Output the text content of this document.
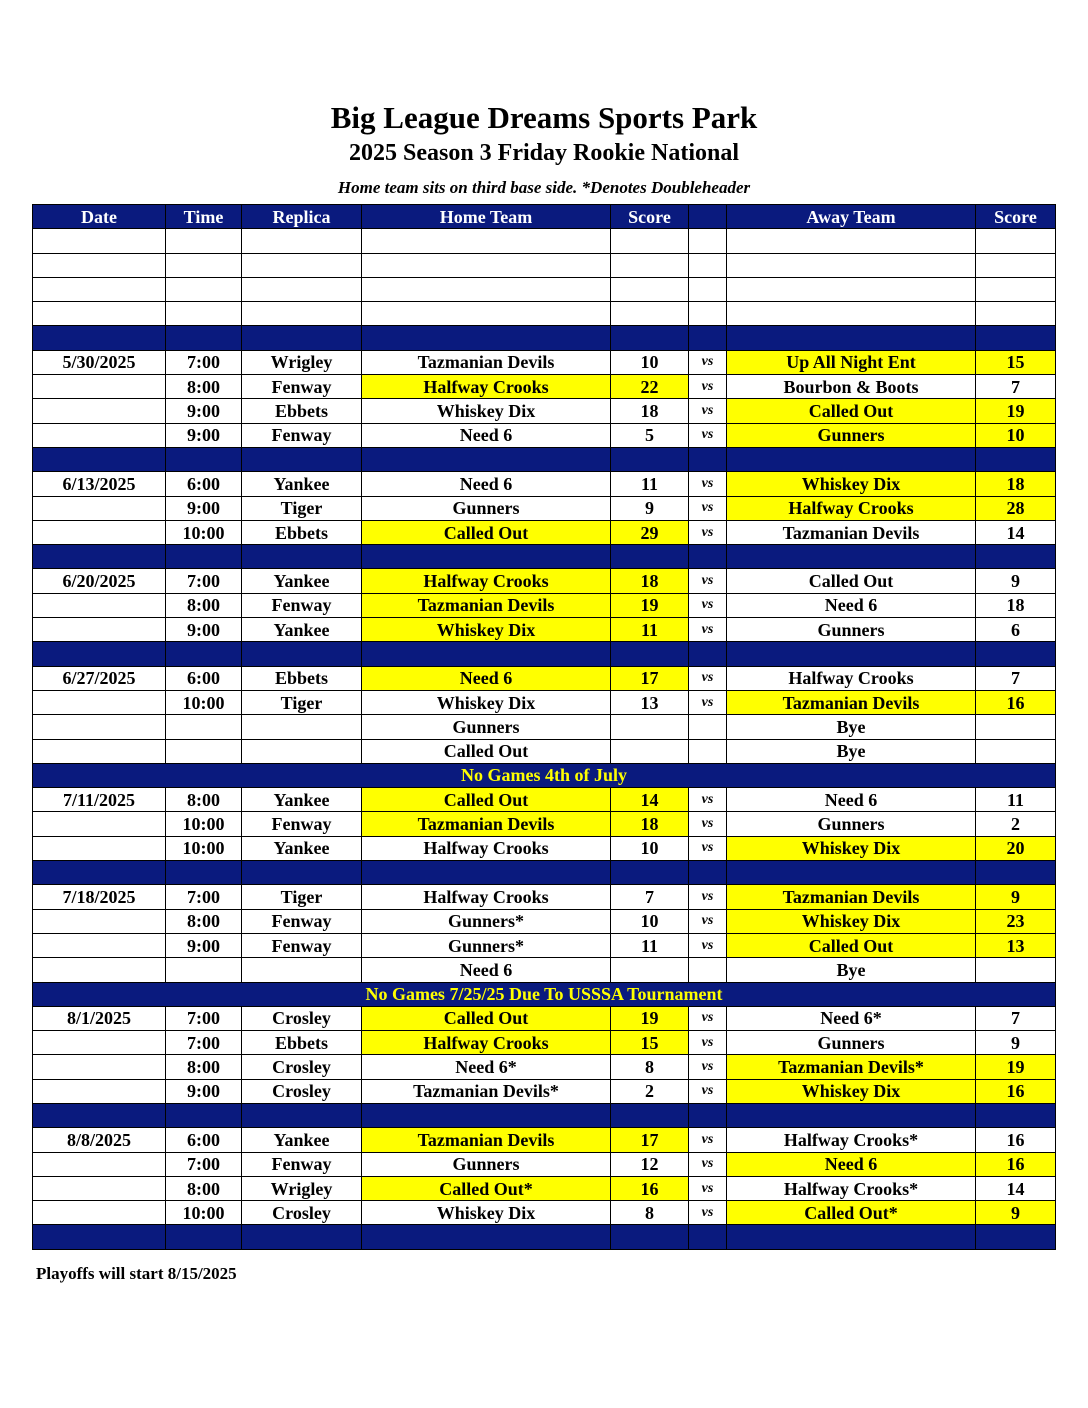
Big League Dreams Sports Park
2025 Season 3 Friday Rookie National
Home team sits on third base side. *Denotes Doubleheader
Date	Time	Replica	Home Team	Score		Away Team	Score

5/30/2025	7:00	Wrigley	Tazmanian Devils	10	vs	Up All Night Ent	15
	8:00	Fenway	Halfway Crooks	22	vs	Bourbon & Boots	7
	9:00	Ebbets	Whiskey Dix	18	vs	Called Out	19
	9:00	Fenway	Need 6	5	vs	Gunners	10

6/13/2025	6:00	Yankee	Need 6	11	vs	Whiskey Dix	18
	9:00	Tiger	Gunners	9	vs	Halfway Crooks	28
	10:00	Ebbets	Called Out	29	vs	Tazmanian Devils	14

6/20/2025	7:00	Yankee	Halfway Crooks	18	vs	Called Out	9
	8:00	Fenway	Tazmanian Devils	19	vs	Need 6	18
	9:00	Yankee	Whiskey Dix	11	vs	Gunners	6

6/27/2025	6:00	Ebbets	Need 6	17	vs	Halfway Crooks	7
	10:00	Tiger	Whiskey Dix	13	vs	Tazmanian Devils	16
			Gunners			Bye	
			Called Out			Bye	
No Games 4th of July							
7/11/2025	8:00	Yankee	Called Out	14	vs	Need 6	11
	10:00	Fenway	Tazmanian Devils	18	vs	Gunners	2
	10:00	Yankee	Halfway Crooks	10	vs	Whiskey Dix	20

7/18/2025	7:00	Tiger	Halfway Crooks	7	vs	Tazmanian Devils	9
	8:00	Fenway	Gunners*	10	vs	Whiskey Dix	23
	9:00	Fenway	Gunners*	11	vs	Called Out	13
			Need 6			Bye	
No Games 7/25/25 Due To USSSA Tournament							
8/1/2025	7:00	Crosley	Called Out	19	vs	Need 6*	7
	7:00	Ebbets	Halfway Crooks	15	vs	Gunners	9
	8:00	Crosley	Need 6*	8	vs	Tazmanian Devils*	19
	9:00	Crosley	Tazmanian Devils*	2	vs	Whiskey Dix	16

8/8/2025	6:00	Yankee	Tazmanian Devils	17	vs	Halfway Crooks*	16
	7:00	Fenway	Gunners	12	vs	Need 6	16
	8:00	Wrigley	Called Out*	16	vs	Halfway Crooks*	14
	10:00	Crosley	Whiskey Dix	8	vs	Called Out*	9

Playoffs will start 8/15/2025
